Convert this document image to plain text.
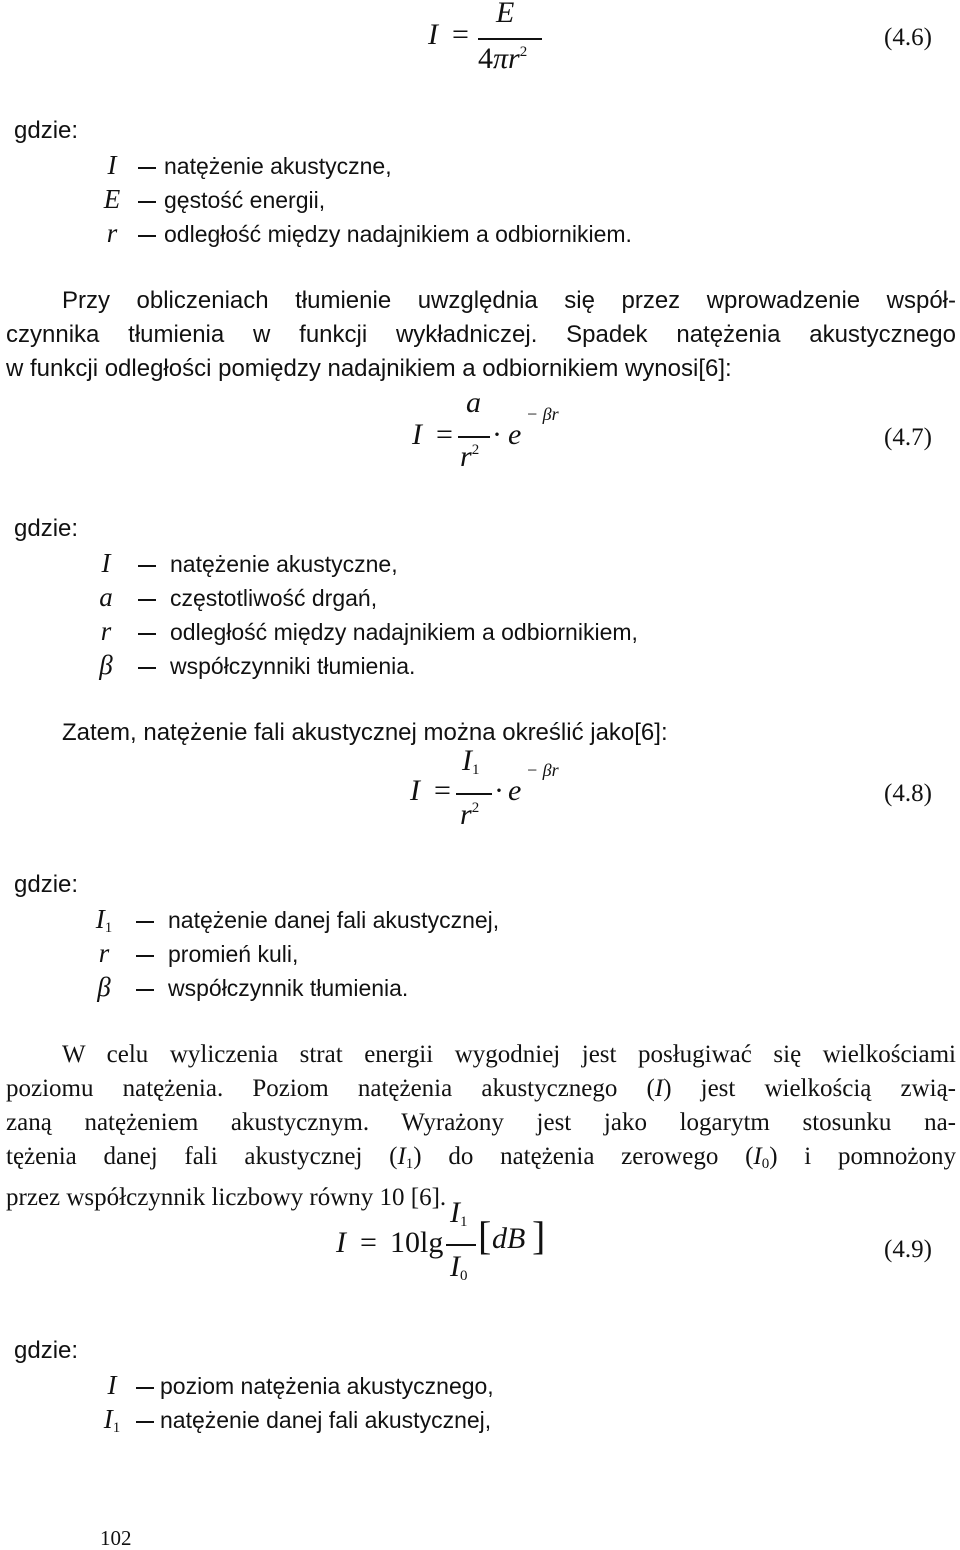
I =
E
$4\pi r^2$
(4.6)
gdzie:
I natężenie akustyczne,
E gęstość energii,
r odległość między nadajnikiem a odbiornikiem.
Przy obliczeniach tłumienie uwzględnia się przez wprowadzenie współ-
czynnika tłumienia w funkcji wykładniczej. Spadek natężenia akustycznego
w funkcji odległości pomiędzy nadajnikiem a odbiornikiem wynosi[6]:
I =
a
$r^2 \cdot e$
− βr
(4.7)
gdzie:
I	natężenie akustyczne,
a częstotliwość drgań,
r	odległość między nadajnikiem a odbiornikiem,
β współczynniki tłumienia.
Zatem, natężenie fali akustycznej można określić jako[6]:
I =
$I_1$
$r^2$
· e
− βr
(4.8)
gdzie:
$I_1$ natężenie danej fali akustycznej,
r	promień kuli,
β współczynnik tłumienia.
W celu wyliczenia strat energii wygodniej jest posługiwać się wielkościami
poziomu natężenia. Poziom natężenia akustycznego (I) jest wielkością zwią-
zaną natężeniem akustycznym. Wyrażony jest jako logarytm stosunku na-
tężenia danej fali akustycznej $(I_1)$ do natężenia zerowego $(I_0)$ i pomnożony
przez współczynnik liczbowy równy 10 [6].
I = 10 lg
$I_1$
$I_0$
[ dB ]	(4.9)
gdzie:
I poziom natężenia akustycznego,
$I_1$ natężenie danej fali akustycznej,
102
